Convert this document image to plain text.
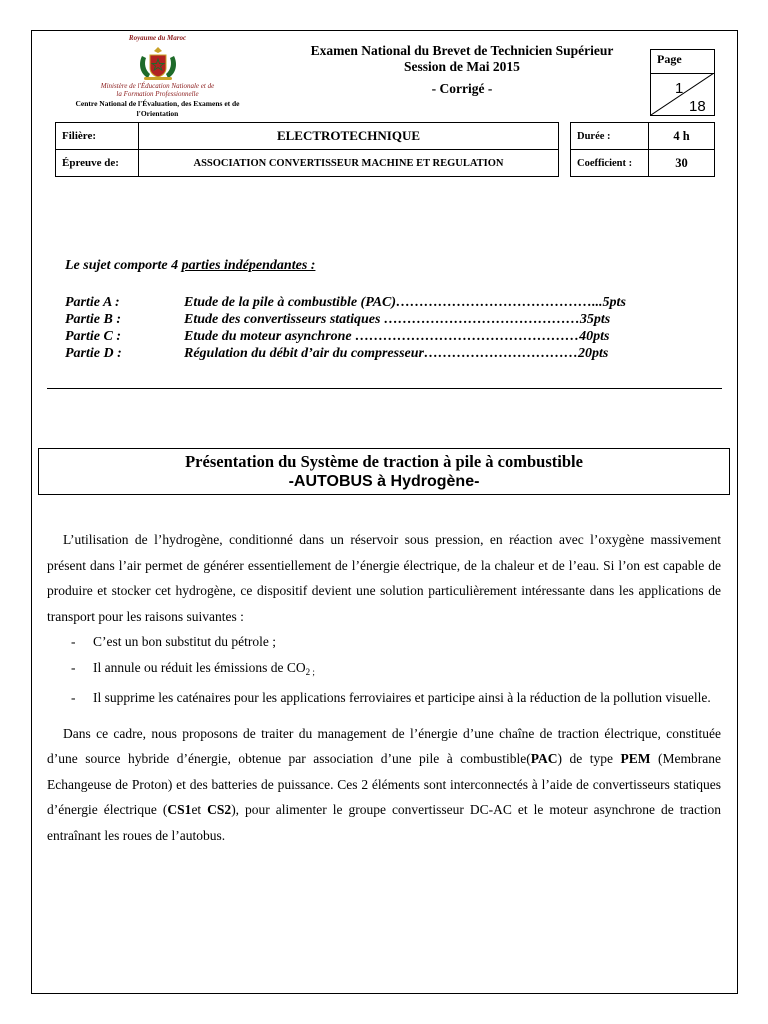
Royaume du Maroc
Ministère de l'Éducation Nationale et de
la Formation Professionnelle
Centre National de l'Évaluation, des Examens et de
l'Orientation
Examen National du Brevet de Technicien Supérieur
Session de Mai 2015
- Corrigé -
Page
1
18
Filière:	ELECTROTECHNIQUE
Épreuve de:	ASSOCIATION CONVERTISSEUR MACHINE ET REGULATION
Durée :	4 h
Coefficient :	30
Le sujet comporte 4 parties indépendantes :
Partie A :	Etude de la pile à combustible (PAC)……………………………………...5pts
Partie B :	Etude des convertisseurs statiques ……………………………………35pts
Partie C :	Etude du moteur asynchrone …………………………………………40pts
Partie D :	Régulation du débit d’air du compresseur……………………………20pts
Présentation du Système de traction à pile à combustible
-AUTOBUS à Hydrogène-

L’utilisation de l’hydrogène, conditionné dans un réservoir sous pression, en réaction avec l’oxygène massivement présent dans l’air permet de générer essentiellement de l’énergie électrique, de la chaleur et de l’eau. Si l’on est capable de produire et stocker cet hydrogène, ce dispositif devient une solution particulièrement intéressante dans les applications de transport pour les raisons suivantes :

- C’est un bon substitut du pétrole ;
- Il annule ou réduit les émissions de $CO_{2 ;}$
- Il supprime les caténaires pour les applications ferroviaires et participe ainsi à la réduction de la pollution visuelle.

Dans ce cadre, nous proposons de traiter du management de l’énergie d’une chaîne de traction électrique, constituée d’une source hybride d’énergie, obtenue par association d’une pile à combustible(PAC) de type PEM (Membrane Echangeuse de Proton) et des batteries de puissance. Ces 2 éléments sont interconnectés à l’aide de convertisseurs statiques d’énergie électrique (CS1et CS2), pour alimenter le groupe convertisseur DC-AC et le moteur asynchrone de traction entraînant les roues de l’autobus.
